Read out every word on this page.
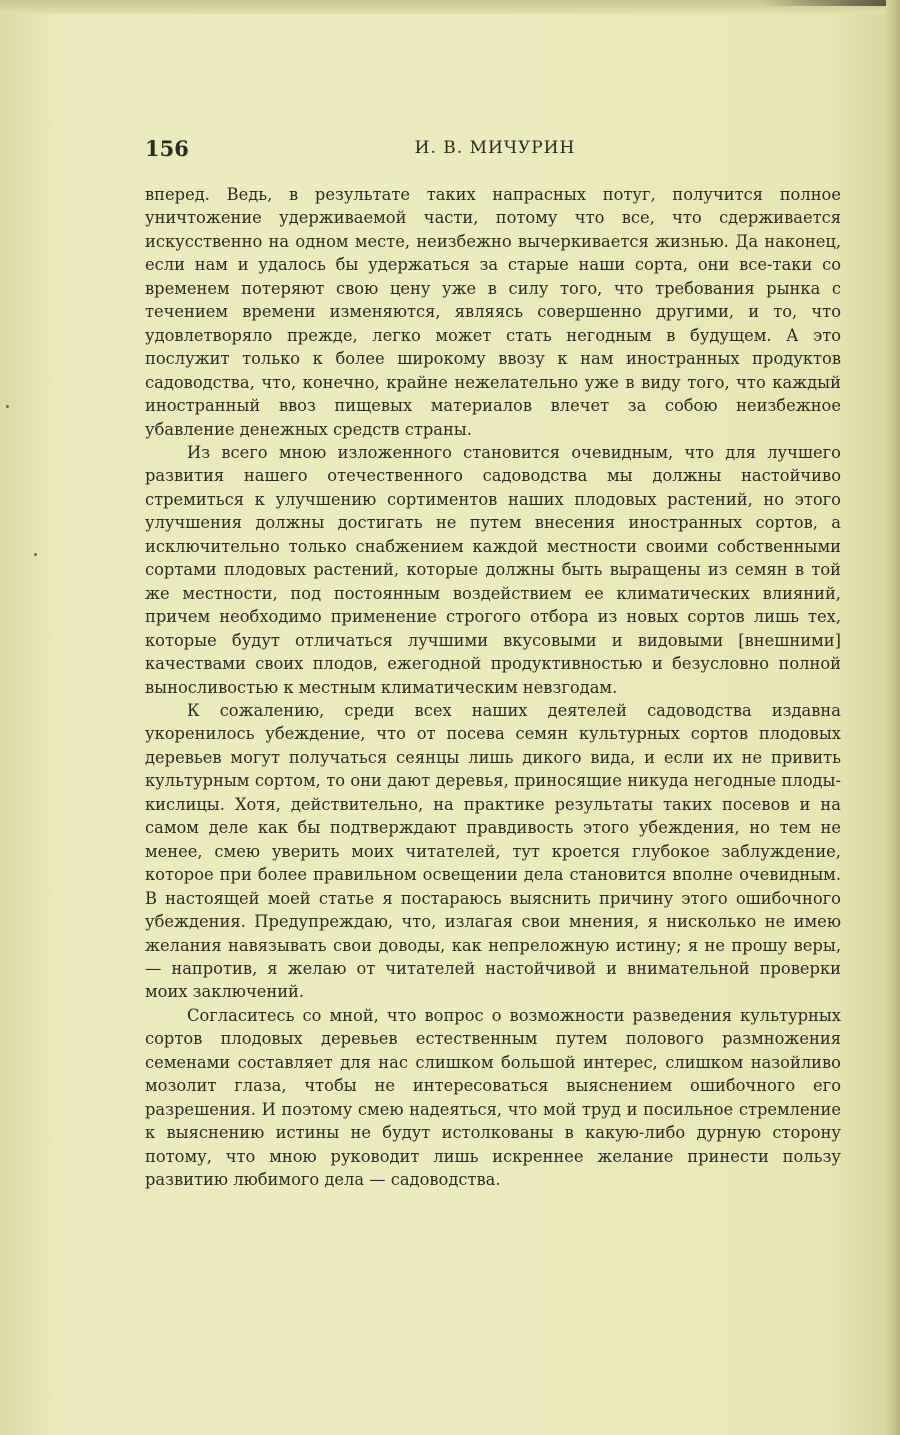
156	И. В. МИЧУРИН

вперед. Ведь, в результате таких напрасных потуг, получится полное уничтожение удерживаемой части, потому что все, что сдерживается искусственно на одном месте, неизбежно вычеркивается жизнью. Да наконец, если нам и удалось бы удержаться за старые наши сорта, они все-таки со временем потеряют свою цену уже в силу того, что требования рынка с течением времени изменяются, являясь совершенно другими, и то, что удовлетворяло прежде, легко может стать негодным в будущем. А это послужит только к более широкому ввозу к нам иностранных продуктов садоводства, что, конечно, крайне нежелательно уже в виду того, что каждый иностранный ввоз пищевых материалов влечет за собою неизбежное убавление денежных средств страны.

Из всего мною изложенного становится очевидным, что для лучшего развития нашего отечественного садоводства мы должны настойчиво стремиться к улучшению сортиментов наших плодовых растений, но этого улучшения должны достигать не путем внесения иностранных сортов, а исключительно только снабжением каждой местности своими собственными сортами плодовых растений, которые должны быть выращены из семян в той же местности, под постоянным воздействием ее климатических влияний, причем необходимо применение строгого отбора из новых сортов лишь тех, которые будут отличаться лучшими вкусовыми и видовыми [внешними] качествами своих плодов, ежегодной продуктивностью и безусловно полной выносливостью к местным климатическим невзгодам.

К сожалению, среди всех наших деятелей садоводства издавна укоренилось убеждение, что от посева семян культурных сортов плодовых деревьев могут получаться сеянцы лишь дикого вида, и если их не привить культурным сортом, то они дают деревья, приносящие никуда негодные плоды-кислицы. Хотя, действительно, на практике результаты таких посевов и на самом деле как бы подтверждают правдивость этого убеждения, но тем не менее, смею уверить моих читателей, тут кроется глубокое заблуждение, которое при более правильном освещении дела становится вполне очевидным. В настоящей моей статье я постараюсь выяснить причину этого ошибочного убеждения. Предупреждаю, что, излагая свои мнения, я нисколько не имею желания навязывать свои доводы, как непреложную истину; я не прошу веры, — напротив, я желаю от читателей настойчивой и внимательной проверки моих заключений.

Согласитесь со мной, что вопрос о возможности разведения культурных сортов плодовых деревьев естественным путем полового размножения семенами составляет для нас слишком большой интерес, слишком назойливо мозолит глаза, чтобы не интересоваться выяснением ошибочного его разрешения. И поэтому смею надеяться, что мой труд и посильное стремление к выяснению истины не будут истолкованы в какую-либо дурную сторону потому, что мною руководит лишь искреннее желание принести пользу развитию любимого дела — садоводства.
